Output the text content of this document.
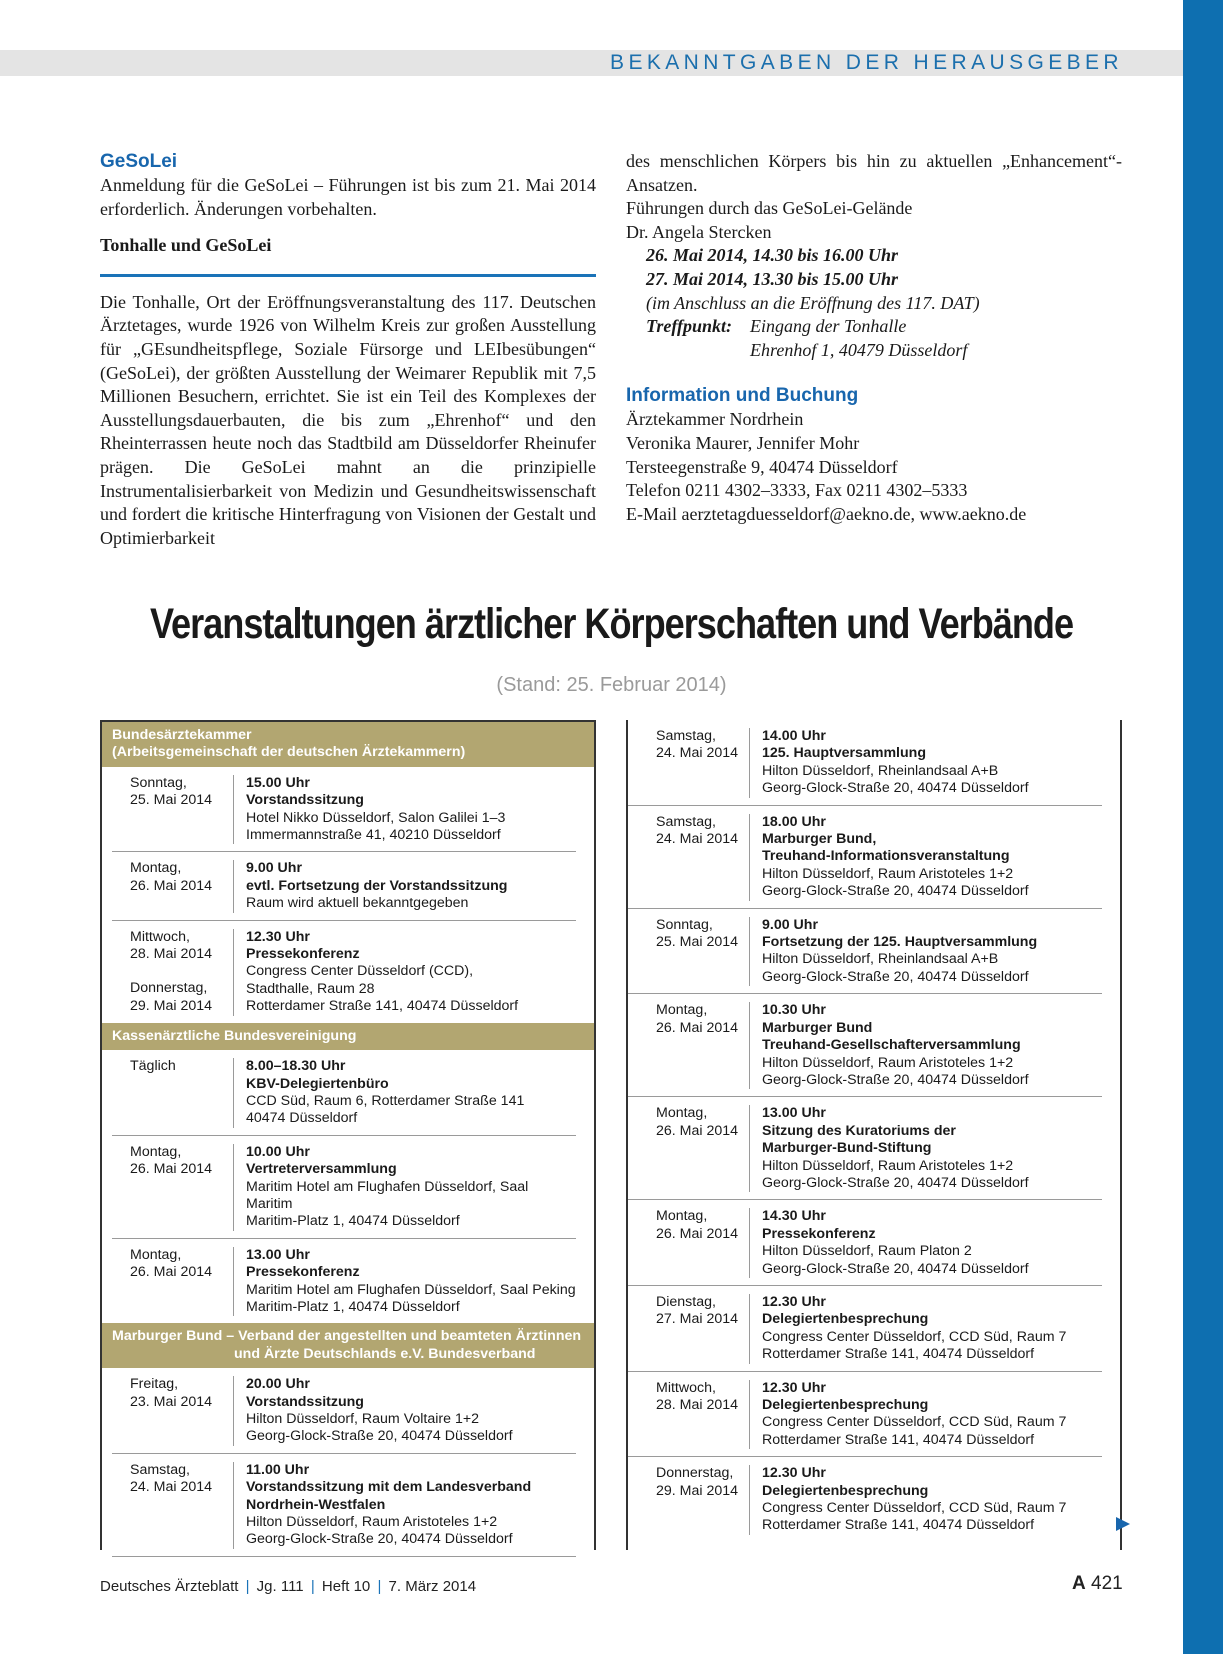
BEKANNTGABEN DER HERAUSGEBER
GeSoLei
Anmeldung für die GeSoLei – Führungen ist bis zum 21. Mai 2014 erforderlich. Änderungen vorbehalten.
Tonhalle und GeSoLei
Die Tonhalle, Ort der Eröffnungsveranstaltung des 117. Deutschen Ärztetages, wurde 1926 von Wilhelm Kreis zur großen Ausstellung für „GEsundheitspflege, Soziale Fürsorge und LEIbesübungen“ (GeSoLei), der größten Ausstellung der Weimarer Republik mit 7,5 Millionen Besuchern, errichtet. Sie ist ein Teil des Komplexes der Ausstellungsdauerbauten, die bis zum „Ehrenhof“ und den Rheinterrassen heute noch das Stadtbild am Düsseldorfer Rheinufer prägen. Die GeSoLei mahnt an die prinzipielle Instrumentalisierbarkeit von Medizin und Gesundheitswissenschaft und fordert die kritische Hinterfragung von Visionen der Gestalt und Optimierbarkeit
des menschlichen Körpers bis hin zu aktuellen „Enhancement“-Ansatzen.
Führungen durch das GeSoLei-Gelände
Dr. Angela Stercken
26. Mai 2014, 14.30 bis 16.00 Uhr
27. Mai 2014, 13.30 bis 15.00 Uhr
(im Anschluss an die Eröffnung des 117. DAT)
Treffpunkt: Eingang der Tonhalle
Ehrenhof 1, 40479 Düsseldorf
Information und Buchung
Ärztekammer Nordrhein
Veronika Maurer, Jennifer Mohr
Tersteegenstraße 9, 40474 Düsseldorf
Telefon 0211 4302–3333, Fax 0211 4302–5333
E-Mail aerztetagduesseldorf@aekno.de, www.aekno.de
Veranstaltungen ärztlicher Körperschaften und Verbände
(Stand: 25. Februar 2014)
Bundesärztekammer
(Arbeitsgemeinschaft der deutschen Ärztekammern)
Sonntag,
25. Mai 2014
15.00 Uhr
Vorstandssitzung
Hotel Nikko Düsseldorf, Salon Galilei 1–3
Immermannstraße 41, 40210 Düsseldorf
Montag,
26. Mai 2014
9.00 Uhr
evtl. Fortsetzung der Vorstandssitzung
Raum wird aktuell bekanntgegeben
Mittwoch,
28. Mai 2014
Donnerstag,
29. Mai 2014
12.30 Uhr
Pressekonferenz
Congress Center Düsseldorf (CCD),
Stadthalle, Raum 28
Rotterdamer Straße 141, 40474 Düsseldorf
Kassenärztliche Bundesvereinigung
Täglich	8.00–18.30 Uhr
KBV-Delegiertenbüro
CCD Süd, Raum 6, Rotterdamer Straße 141
40474 Düsseldorf
Montag,
26. Mai 2014
10.00 Uhr
Vertreterversammlung
Maritim Hotel am Flughafen Düsseldorf, Saal Maritim
Maritim-Platz 1, 40474 Düsseldorf
Montag,
26. Mai 2014
13.00 Uhr
Pressekonferenz
Maritim Hotel am Flughafen Düsseldorf, Saal Peking
Maritim-Platz 1, 40474 Düsseldorf
Marburger Bund – Verband der angestellten und beamteten Ärztinnen
und Ärzte Deutschlands e.V. Bundesverband
Freitag,
23. Mai 2014
20.00 Uhr
Vorstandssitzung
Hilton Düsseldorf, Raum Voltaire 1+2
Georg-Glock-Straße 20, 40474 Düsseldorf
Samstag,
24. Mai 2014
11.00 Uhr
Vorstandssitzung mit dem Landesverband
Nordrhein-Westfalen
Hilton Düsseldorf, Raum Aristoteles 1+2
Georg-Glock-Straße 20, 40474 Düsseldorf
Samstag,
24. Mai 2014
14.00 Uhr
125. Hauptversammlung
Hilton Düsseldorf, Rheinlandsaal A+B
Georg-Glock-Straße 20, 40474 Düsseldorf
Samstag,
24. Mai 2014
18.00 Uhr
Marburger Bund,
Treuhand-Informationsveranstaltung
Hilton Düsseldorf, Raum Aristoteles 1+2
Georg-Glock-Straße 20, 40474 Düsseldorf
Sonntag,
25. Mai 2014
9.00 Uhr
Fortsetzung der 125. Hauptversammlung
Hilton Düsseldorf, Rheinlandsaal A+B
Georg-Glock-Straße 20, 40474 Düsseldorf
Montag,
26. Mai 2014
10.30 Uhr
Marburger Bund
Treuhand-Gesellschafterversammlung
Hilton Düsseldorf, Raum Aristoteles 1+2
Georg-Glock-Straße 20, 40474 Düsseldorf
Montag,
26. Mai 2014
13.00 Uhr
Sitzung des Kuratoriums der
Marburger-Bund-Stiftung
Hilton Düsseldorf, Raum Aristoteles 1+2
Georg-Glock-Straße 20, 40474 Düsseldorf
Montag,
26. Mai 2014
14.30 Uhr
Pressekonferenz
Hilton Düsseldorf, Raum Platon 2
Georg-Glock-Straße 20, 40474 Düsseldorf
Dienstag,
27. Mai 2014
12.30 Uhr
Delegiertenbesprechung
Congress Center Düsseldorf, CCD Süd, Raum 7
Rotterdamer Straße 141, 40474 Düsseldorf
Mittwoch,
28. Mai 2014
12.30 Uhr
Delegiertenbesprechung
Congress Center Düsseldorf, CCD Süd, Raum 7
Rotterdamer Straße 141, 40474 Düsseldorf
Donnerstag,
29. Mai 2014
12.30 Uhr
Delegiertenbesprechung
Congress Center Düsseldorf, CCD Süd, Raum 7
Rotterdamer Straße 141, 40474 Düsseldorf
Deutsches Ärzteblatt | Jg. 111 | Heft 10 | 7. März 2014	A 421
